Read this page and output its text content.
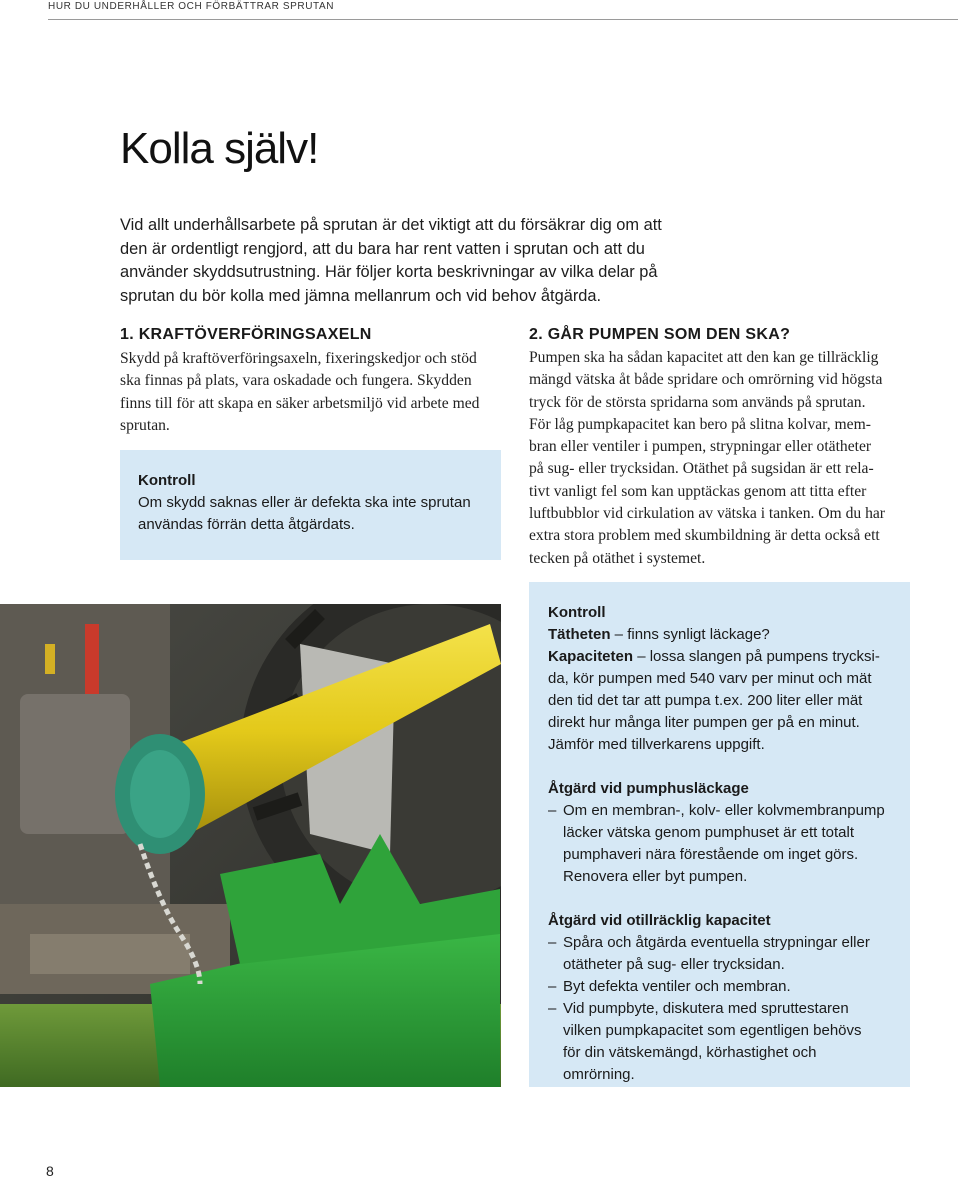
HUR DU UNDERHÅLLER OCH FÖRBÄTTRAR SPRUTAN
Kolla själv!
Vid allt underhållsarbete på sprutan är det viktigt att du försäkrar dig om att
den är ordentligt rengjord, att du bara har rent vatten i sprutan och att du
använder skyddsutrustning. Här följer korta beskrivningar av vilka delar på
sprutan du bör kolla med jämna mellanrum och vid behov åtgärda.
1. KRAFTÖVERFÖRINGSAXELN
Skydd på kraftöverföringsaxeln, fixeringskedjor och stöd
ska finnas på plats, vara oskadade och fungera. Skydden
finns till för att skapa en säker arbetsmiljö vid arbete med
sprutan.
Kontroll
Om skydd saknas eller är defekta ska inte sprutan
användas förrän detta åtgärdats.
2. GÅR PUMPEN SOM DEN SKA?
Pumpen ska ha sådan kapacitet att den kan ge tillräcklig
mängd vätska åt både spridare och omrörning vid högsta
tryck för de största spridarna som används på sprutan.
För låg pumpkapacitet kan bero på slitna kolvar, mem-
bran eller ventiler i pumpen, strypningar eller otätheter
på sug- eller trycksidan. Otäthet på sugsidan är ett rela-
tivt vanligt fel som kan upptäckas genom att titta efter
luftbubblor vid cirkulation av vätska i tanken. Om du har
extra stora problem med skumbildning är detta också ett
tecken på otäthet i systemet.
Kontroll
Tätheten – finns synligt läckage?
Kapaciteten – lossa slangen på pumpens trycksi-
da, kör pumpen med 540 varv per minut och mät
den tid det tar att pumpa t.ex. 200 liter eller mät
direkt hur många liter pumpen ger på en minut.
Jämför med tillverkarens uppgift.
Åtgärd vid pumphusläckage
– Om en membran-, kolv- eller kolvmembranpump
läcker vätska genom pumphuset är ett totalt
pumphaveri nära förestående om inget görs.
Renovera eller byt pumpen.
Åtgärd vid otillräcklig kapacitet
– Spåra och åtgärda eventuella strypningar eller
otätheter på sug- eller trycksidan.
– Byt defekta ventiler och membran.
– Vid pumpbyte, diskutera med spruttestaren
vilken pumpkapacitet som egentligen behövs
för din vätskemängd, körhastighet och omrörning.
8
